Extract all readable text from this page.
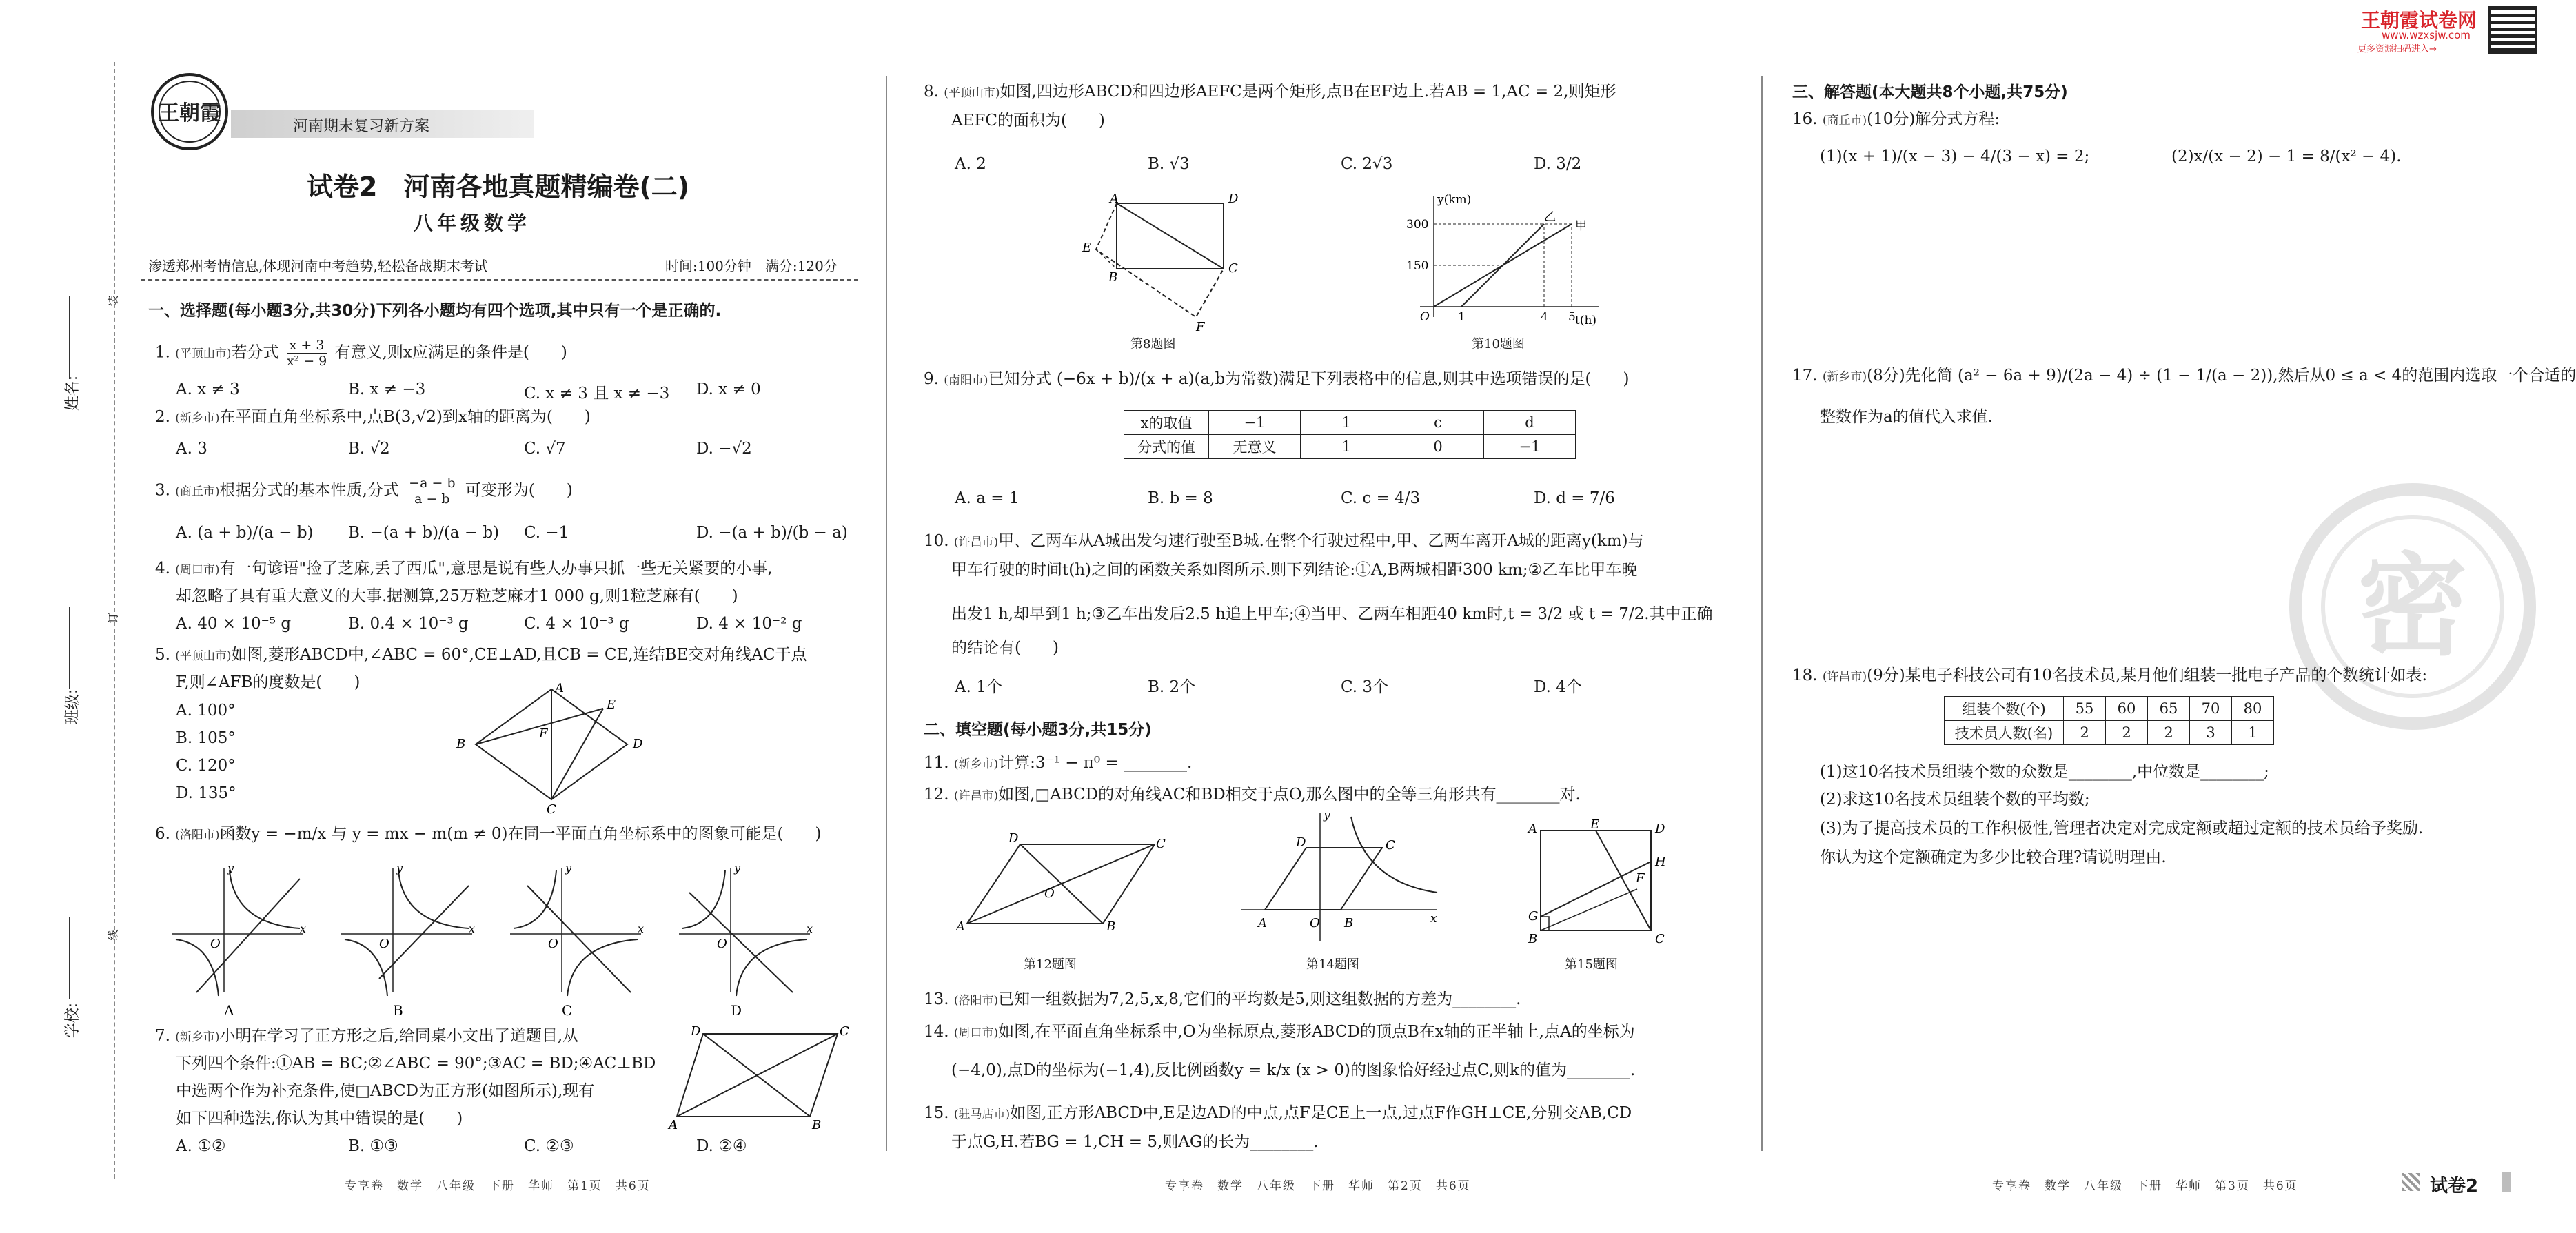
王朝霞
河南期末复习新方案
试卷2　河南各地真题精编卷(二)
八年级数学
渗透郑州考情信息,体现河南中考趋势,轻松备战期末考试	时间:100分钟　满分:120分
王朝霞试卷网
www.wzxsjw.com
更多资源扫码进入→
密
姓名:
班级:
学校:
装
订
线
一、选择题(每小题3分,共30分)下列各小题均有四个选项,其中只有一个是正确的.
1. (平顶山市)若分式 $\frac{x + 3}{\text{x² − 9}}$ 有意义,则x应满足的条件是(　　)
A. x ≠ 3	B. x ≠ −3	C. x ≠ 3 且 x ≠ −3 D. x ≠ 0
2. (新乡市)在平面直角坐标系中,点B(3,√2)到x轴的距离为(　　)
A. 3	B. √2	C. √7	D. −√2
3. (商丘市)根据分式的基本性质,分式 $\frac{-a - b}{a - b}$ 可变形为(　　)
A. (a + b)/(a − b) B. −(a + b)/(a − b) C. −1	D. −(a + b)/(b − a)
4. (周口市)有一句谚语"捡了芝麻,丢了西瓜",意思是说有些人办事只抓一些无关紧要的小事,
却忽略了具有重大意义的大事.据测算,25万粒芝麻才1 000 g,则1粒芝麻有(　　)
A. 40 × 10⁻⁵ g	B. 0.4 × 10⁻³ g	C. 4 × 10⁻³ g	D. 4 × 10⁻² g
5. (平顶山市)如图,菱形ABCD中,∠ABC = 60°,CE⊥AD,且CB = CE,连结BE交对角线AC于点
F,则∠AFB的度数是(　　)
A. 100°
B. 105°
C. 120°
D. 135°
A
B
C
D
E
F
6. (洛阳市)函数y = −m/x 与 y = mx − m(m ≠ 0)在同一平面直角坐标系中的图象可能是(　　)
O
x
y
A
O
x
y
B
O
x
y
C
O
x
y
D
7. (新乡市)小明在学习了正方形之后,给同桌小文出了道题目,从
下列四个条件:①AB = BC;②∠ABC = 90°;③AC = BD;④AC⊥BD
中选两个作为补充条件,使□ABCD为正方形(如图所示),现有
如下四种选法,你认为其中错误的是(　　)
A. ①②	B. ①③	C. ②③	D. ②④
D	C
A	B
专享卷　数学　八年级　下册　华师　第1页　共6页
8. (平顶山市)如图,四边形ABCD和四边形AEFC是两个矩形,点B在EF边上.若AB = 1,AC = 2,则矩形
AEFC的面积为(　　)
A. 2	B. √3	C. 2√3	D. 3/2
A	D
C
B
E
F
第8题图
y(km)
t(h)
300
150
O 1	4 5
乙
甲
第10题图
9. (南阳市)已知分式 (−6x + b)/(x + a)(a,b为常数)满足下列表格中的信息,则其中选项错误的是(　　)
x的取值	−1	1	c	d
分式的值	无意义	1	0	−1
A. a = 1	B. b = 8	C. c = 4/3	D. d = 7/6
10. (许昌市)甲、乙两车从A城出发匀速行驶至B城.在整个行驶过程中,甲、乙两车离开A城的距离y(km)与
甲车行驶的时间t(h)之间的函数关系如图所示.则下列结论:①A,B两城相距300 km;②乙车比甲车晚
出发1 h,却早到1 h;③乙车出发后2.5 h追上甲车;④当甲、乙两车相距40 km时,t = 3/2 或 t = 7/2.其中正确
的结论有(　　)
A. 1个	B. 2个	C. 3个	D. 4个
二、填空题(每小题3分,共15分)
11. (新乡市)计算:3⁻¹ − π⁰ = ________.
12. (许昌市)如图,□ABCD的对角线AC和BD相交于点O,那么图中的全等三角形共有________对.
D	C
A	B
O
第12题图
A
D	C
B
O
y
x
第14题图
A	E	D
H
F
G
B	C
第15题图
13. (洛阳市)已知一组数据为7,2,5,x,8,它们的平均数是5,则这组数据的方差为________.
14. (周口市)如图,在平面直角坐标系中,O为坐标原点,菱形ABCD的顶点B在x轴的正半轴上,点A的坐标为
(−4,0),点D的坐标为(−1,4),反比例函数y = k/x (x > 0)的图象恰好经过点C,则k的值为________.
15. (驻马店市)如图,正方形ABCD中,E是边AD的中点,点F是CE上一点,过点F作GH⊥CE,分别交AB,CD
于点G,H.若BG = 1,CH = 5,则AG的长为________.
专享卷　数学　八年级　下册　华师　第2页　共6页
三、解答题(本大题共8个小题,共75分)
16. (商丘市)(10分)解分式方程:
(1)(x + 1)/(x − 3) − 4/(3 − x) = 2;	(2)x/(x − 2) − 1 = 8/(x² − 4).
17. (新乡市)(8分)先化简 (a² − 6a + 9)/(2a − 4) ÷ (1 − 1/(a − 2)),然后从0 ≤ a < 4的范围内选取一个合适的
整数作为a的值代入求值.
18. (许昌市)(9分)某电子科技公司有10名技术员,某月他们组装一批电子产品的个数统计如表:
组装个数(个)	55	60	65	70	80
技术员人数(名)	2	2	2	3	1
(1)这10名技术员组装个数的众数是________,中位数是________;
(2)求这10名技术员组装个数的平均数;
(3)为了提高技术员的工作积极性,管理者决定对完成定额或超过定额的技术员给予奖励.
你认为这个定额确定为多少比较合理?请说明理由.
专享卷　数学　八年级　下册　华师　第3页　共6页	试卷2
